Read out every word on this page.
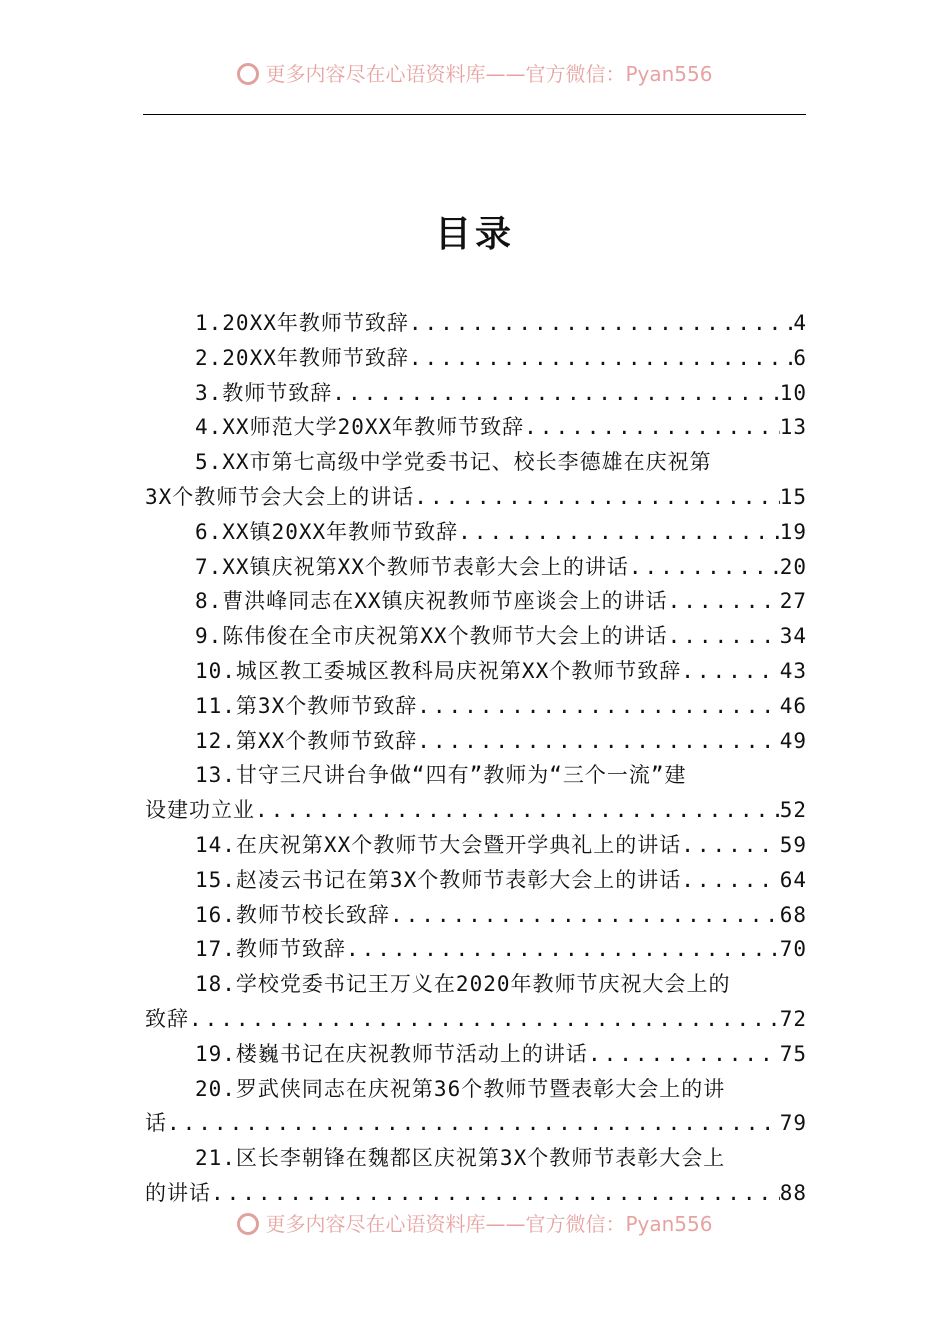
更多内容尽在心语资料库——官方微信：Pyan556
目录
1.20XX年教师节致辞 .....	4
2.20XX年教师节致辞 .....	6
3.教师节致辞 .....	10
4.XX师范大学20XX年教师节致辞 .....	13
5.XX市第七高级中学党委书记、校长李德雄在庆祝第
3X个教师节会大会上的讲话 .....	15
6.XX镇20XX年教师节致辞 .....	19
7.XX镇庆祝第XX个教师节表彰大会上的讲话 .....	20
8.曹洪峰同志在XX镇庆祝教师节座谈会上的讲话 .....	27
9.陈伟俊在全市庆祝第XX个教师节大会上的讲话 .....	34
10.城区教工委城区教科局庆祝第XX个教师节致辞 .....	43
11.第3X个教师节致辞 .....	46
12.第XX个教师节致辞 .....	49
13.甘守三尺讲台争做“四有”教师为“三个一流”建
设建功立业 .....	52
14.在庆祝第XX个教师节大会暨开学典礼上的讲话 .....	59
15.赵凌云书记在第3X个教师节表彰大会上的讲话 .....	64
16.教师节校长致辞 .....	68
17.教师节致辞 .....	70
18.学校党委书记王万义在2020年教师节庆祝大会上的
致辞 .....	72
19.楼巍书记在庆祝教师节活动上的讲话 .....	75
20.罗武侠同志在庆祝第36个教师节暨表彰大会上的讲
话 .....	79
21.区长李朝锋在魏都区庆祝第3X个教师节表彰大会上
的讲话 .....	88
更多内容尽在心语资料库——官方微信：Pyan556
